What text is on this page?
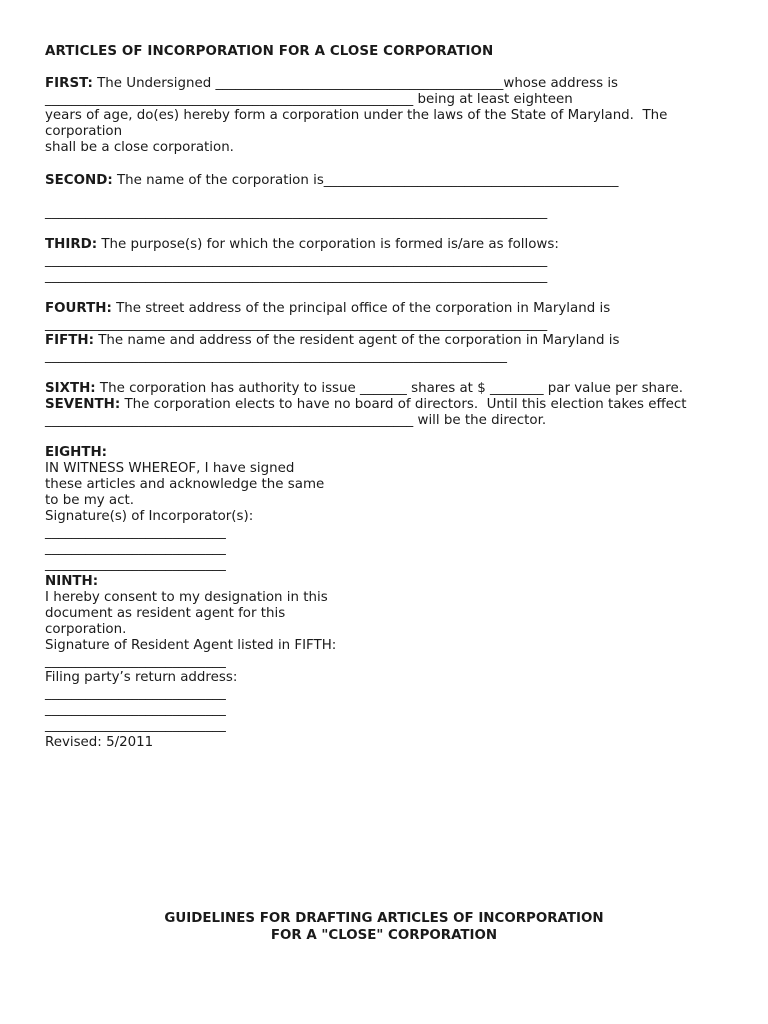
ARTICLES OF INCORPORATION FOR A CLOSE CORPORATION
FIRST: The Undersigned ___________________________________________whose address is
_______________________________________________________ being at least eighteen
years of age, do(es) hereby form a corporation under the laws of the State of Maryland.  The
corporation
shall be a close corporation.
SECOND: The name of the corporation is____________________________________________
___________________________________________________________________________
THIRD: The purpose(s) for which the corporation is formed is/are as follows:
___________________________________________________________________________
___________________________________________________________________________
FOURTH: The street address of the principal office of the corporation in Maryland is
___________________________________________________________________________
FIFTH: The name and address of the resident agent of the corporation in Maryland is
_____________________________________________________________________
SIXTH: The corporation has authority to issue _______ shares at $ ________ par value per share.
SEVENTH: The corporation elects to have no board of directors.  Until this election takes effect
_______________________________________________________ will be the director.
EIGHTH:
IN WITNESS WHEREOF, I have signed
these articles and acknowledge the same
to be my act.
Signature(s) of Incorporator(s):
___________________________
___________________________
___________________________
NINTH:
I hereby consent to my designation in this
document as resident agent for this
corporation.
Signature of Resident Agent listed in FIFTH:
___________________________
Filing party’s return address:
___________________________
___________________________
___________________________
Revised: 5/2011
GUIDELINES FOR DRAFTING ARTICLES OF INCORPORATION
FOR A "CLOSE" CORPORATION
